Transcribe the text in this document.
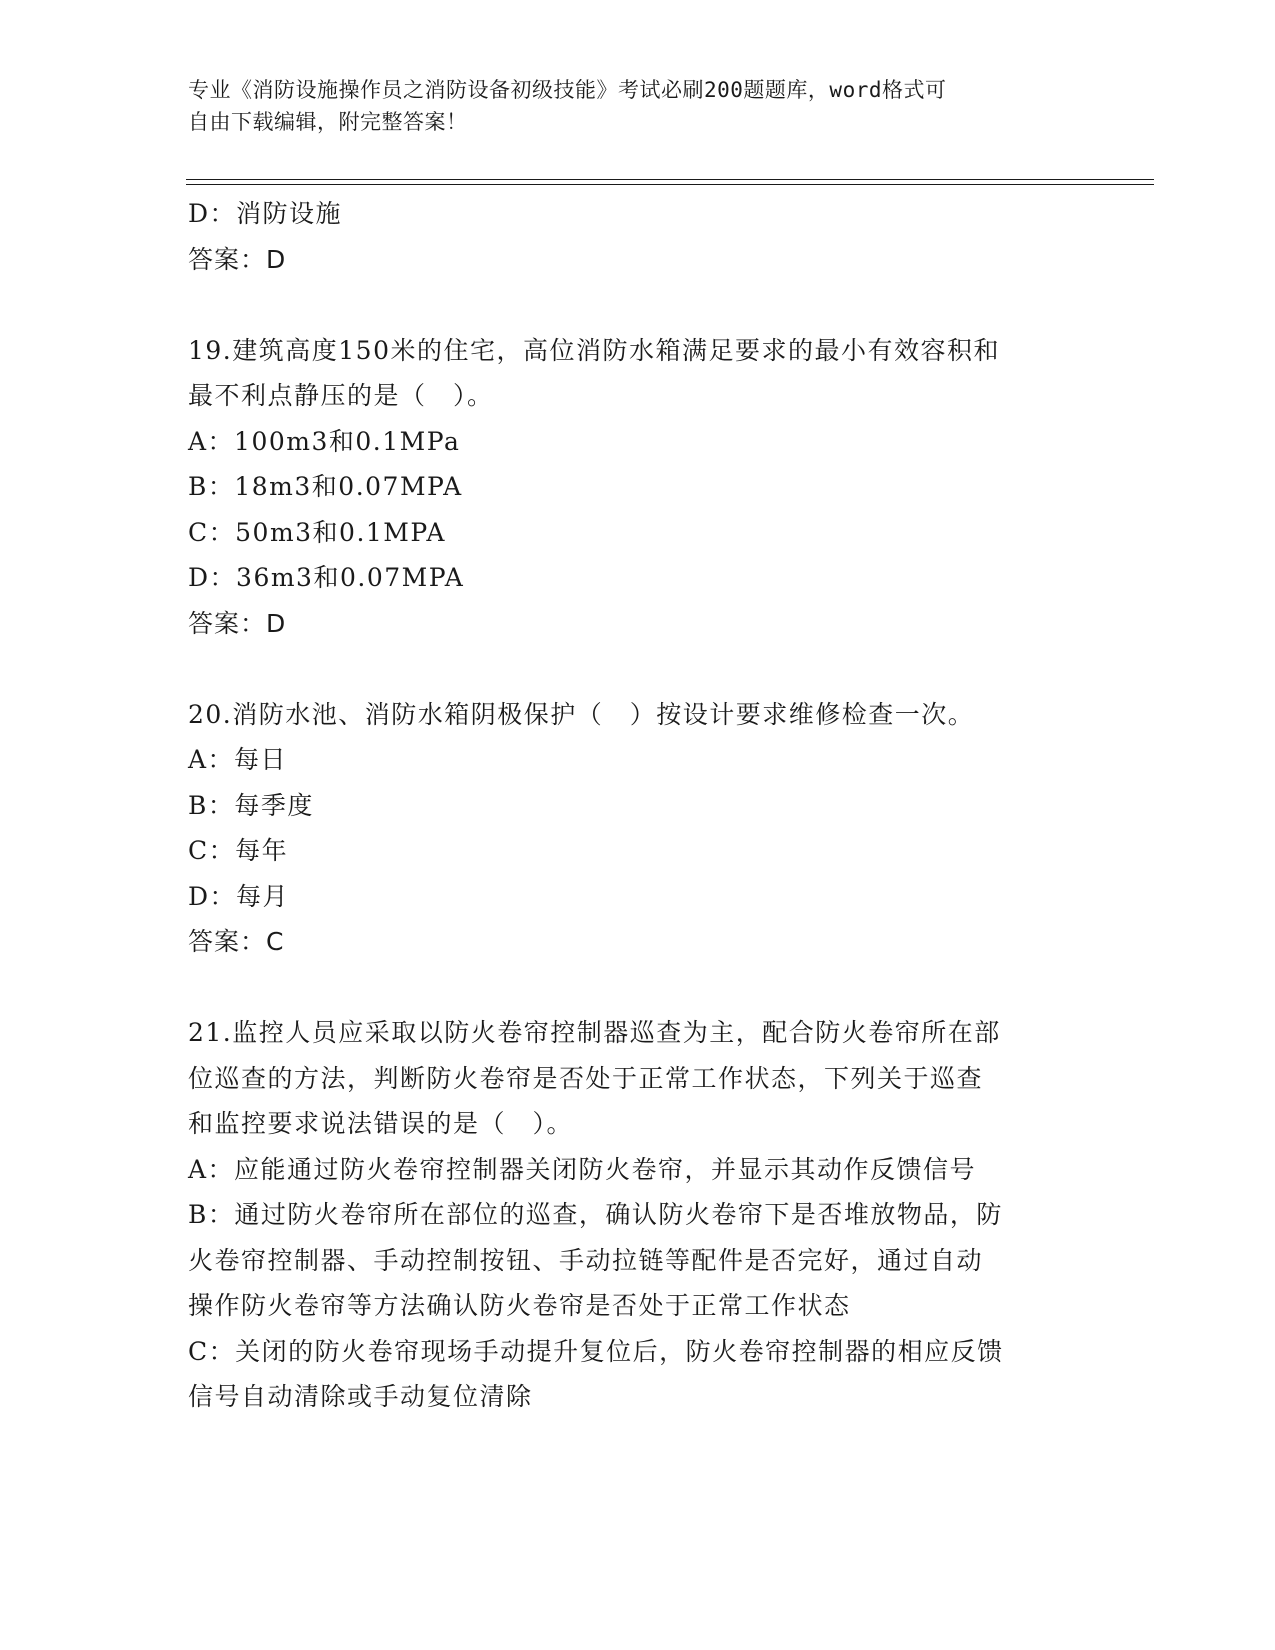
专业《消防设施操作员之消防设备初级技能》考试必刷200题题库，word格式可
自由下载编辑，附完整答案！
D：消防设施
答案：D
19.建筑高度150米的住宅，高位消防水箱满足要求的最小有效容积和
最不利点静压的是（　）。
A：100m3和0.1MPa
B：18m3和0.07MPA
C：50m3和0.1MPA
D：36m3和0.07MPA
答案：D
20.消防水池、消防水箱阴极保护（　）按设计要求维修检查一次。
A：每日
B：每季度
C：每年
D：每月
答案：C
21.监控人员应采取以防火卷帘控制器巡查为主，配合防火卷帘所在部
位巡查的方法，判断防火卷帘是否处于正常工作状态，下列关于巡查
和监控要求说法错误的是（　）。
A：应能通过防火卷帘控制器关闭防火卷帘，并显示其动作反馈信号
B：通过防火卷帘所在部位的巡查，确认防火卷帘下是否堆放物品，防
火卷帘控制器、手动控制按钮、手动拉链等配件是否完好，通过自动
操作防火卷帘等方法确认防火卷帘是否处于正常工作状态
C：关闭的防火卷帘现场手动提升复位后，防火卷帘控制器的相应反馈
信号自动清除或手动复位清除
